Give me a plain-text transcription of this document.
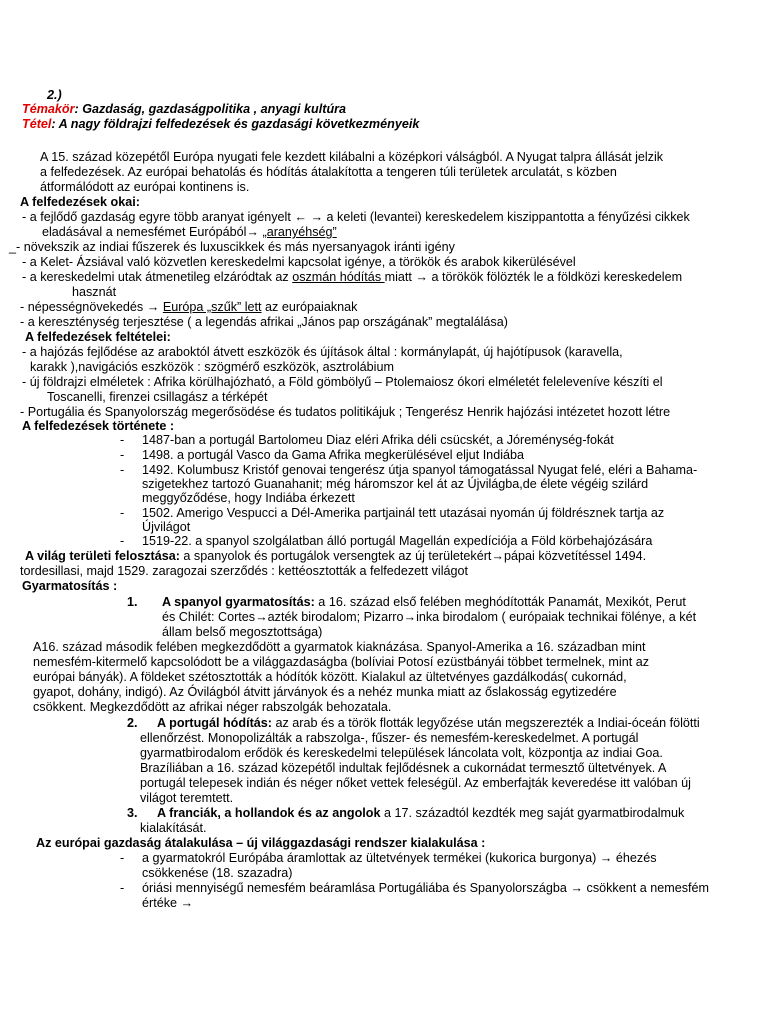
2.)
Témakör: Gazdaság, gazdaságpolitika , anyagi kultúra
Tétel: A nagy földrajzi felfedezések és gazdasági következményeik
A 15. század közepétől Európa nyugati fele kezdett kilábalni a középkori válságból. A Nyugat talpra állását jelzik
a felfedezések. Az európai behatolás és hódítás átalakította a tengeren túli területek arculatát, s közben
átformálódott az európai kontinens is.
A felfedezések okai:
- a fejlődő gazdaság egyre több aranyat igényelt ← → a keleti (levantei) kereskedelem kiszippantotta a fényűzési cikkek
eladásával a nemesfémet Európából→ „aranyéhség”
_- növekszik az indiai fűszerek és luxuscikkek és más nyersanyagok iránti igény
- a Kelet- Ázsiával való közvetlen kereskedelmi kapcsolat igénye, a törökök és arabok kikerülésével
- a kereskedelmi utak átmenetileg elzáródtak az oszmán hódítás miatt → a törökök fölözték le a földközi kereskedelem
hasznát
- népességnövekedés → Európa „szűk” lett az európaiaknak
- a kereszténység terjesztése ( a legendás afrikai „János pap országának” megtalálása)
A felfedezések feltételei:
- a hajózás fejlődése az araboktól átvett eszközök és újítások által : kormánylapát, új hajótípusok (karavella,
karakk ),navigációs eszközök : szögmérő eszközök, asztrolábium
- új földrajzi elméletek : Afrika körülhajózható, a Föld gömbölyű – Ptolemaiosz ókori elméletét feleleveníve készíti el
Toscanelli, firenzei csillagász a térképét
- Portugália és Spanyolország megerősödése és tudatos politikájuk ; Tengerész Henrik hajózási intézetet hozott létre
A felfedezések története :
- 1487-ban a portugál Bartolomeu Diaz eléri Afrika déli csücskét, a Jóreménység-fokát
- 1498. a portugál Vasco da Gama Afrika megkerülésével eljut Indiába
- 1492. Kolumbusz Kristóf genovai tengerész útja spanyol támogatással Nyugat felé, eléri a Bahama-
szigetekhez tartozó Guanahanit; még háromszor kel át az Újvilágba,de élete végéig szilárd
meggyőződése, hogy Indiába érkezett
- 1502. Amerigo Vespucci a Dél-Amerika partjainál tett utazásai nyomán új földrésznek tartja az
Újvilágot
- 1519-22. a spanyol szolgálatban álló portugál Magellán expedíciója a Föld körbehajózására
A világ területi felosztása: a spanyolok és portugálok versengtek az új területekért→pápai közvetítéssel 1494.
tordesillasi, majd 1529. zaragozai szerződés : kettéosztották a felfedezett világot
Gyarmatosítás :
1. A spanyol gyarmatosítás: a 16. század első felében meghódították Panamát, Mexikót, Perut
és Chilét: Cortes→azték birodalom; Pizarro→inka birodalom ( európaiak technikai fölénye, a két
állam belső megosztottsága)
A16. század második felében megkezdődött a gyarmatok kiaknázása. Spanyol-Amerika a 16. században mint
nemesfém-kitermelő kapcsolódott be a világgazdaságba (bolíviai Potosí ezüstbányái többet termelnek, mint az
európai bányák). A földeket szétosztották a hódítók között. Kialakul az ültetvényes gazdálkodás( cukornád,
gyapot, dohány, indigó). Az Óvilágból átvitt járványok és a nehéz munka miatt az őslakosság egytizedére
csökkent. Megkezdődött az afrikai néger rabszolgák behozatala.
2. A portugál hódítás: az arab és a török flották legyőzése után megszerezték a Indiai-óceán fölötti
ellenőrzést. Monopolizálták a rabszolga-, fűszer- és nemesfém-kereskedelmet. A portugál
gyarmatbirodalom erődök és kereskedelmi települések láncolata volt, központja az indiai Goa.
Brazíliában a 16. század közepétől indultak fejlődésnek a cukornádat termesztő ültetvények. A
portugál telepesek indián és néger nőket vettek feleségül. Az emberfajták keveredése itt valóban új
világot teremtett.
3. A franciák, a hollandok és az angolok a 17. századtól kezdték meg saját gyarmatbirodalmuk
kialakítását.
Az európai gazdaság átalakulása – új világgazdasági rendszer kialakulása :
- a gyarmatokról Európába áramlottak az ültetvények termékei (kukorica burgonya) → éhezés
csökkenése (18. szazadra)
- óriási mennyiségű nemesfém beáramlása Portugáliába és Spanyolországba → csökkent a nemesfém
értéke →
